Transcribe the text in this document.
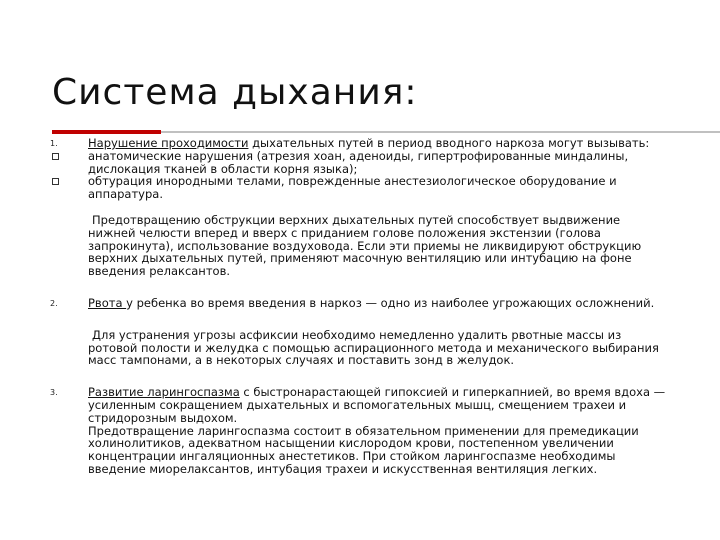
Система дыхания:
1.	Нарушение проходимости дыхательных путей в период вводного наркоза могут вызывать:
анатомические нарушения (атрезия хоан, аденоиды, гипертрофированные миндалины, дислокация тканей в области корня языка);
обтурация инородными телами, поврежденные анестезиологическое оборудование и аппаратура.
Предотвращению обструкции верхних дыхательных путей способствует выдвижение нижней челюсти вперед и вверх с приданием голове положения экстензии (голова запрокинута), использование воздуховода. Если эти приемы не ликвидируют обструкцию верхних дыхательных путей, применяют масочную вентиляцию или интубацию на фоне введения релаксантов.
2.	Рвота у ребенка во время введения в наркоз — одно из наиболее угрожающих осложнений.
Для устранения угрозы асфиксии необходимо немедленно удалить рвотные массы из ротовой полости и желудка с помощью аспирационного метода и механического выбирания масс тампонами, а в некоторых случаях и поставить зонд в желудок.
3.	Развитие ларингоспазма с быстронарастающей гипоксией и гиперкапнией, во время вдоха — усиленным сокращением дыхательных и вспомогательных мышц, смещением трахеи и стридорозным выдохом.
Предотвращение ларингоспазма состоит в обязательном применении для премедикации холинолитиков, адекватном насыщении кислородом крови, постепенном увеличении концентрации ингаляционных анестетиков. При стойком ларингоспазме необходимы введение миорелаксантов, интубация трахеи и искусственная вентиляция легких.
